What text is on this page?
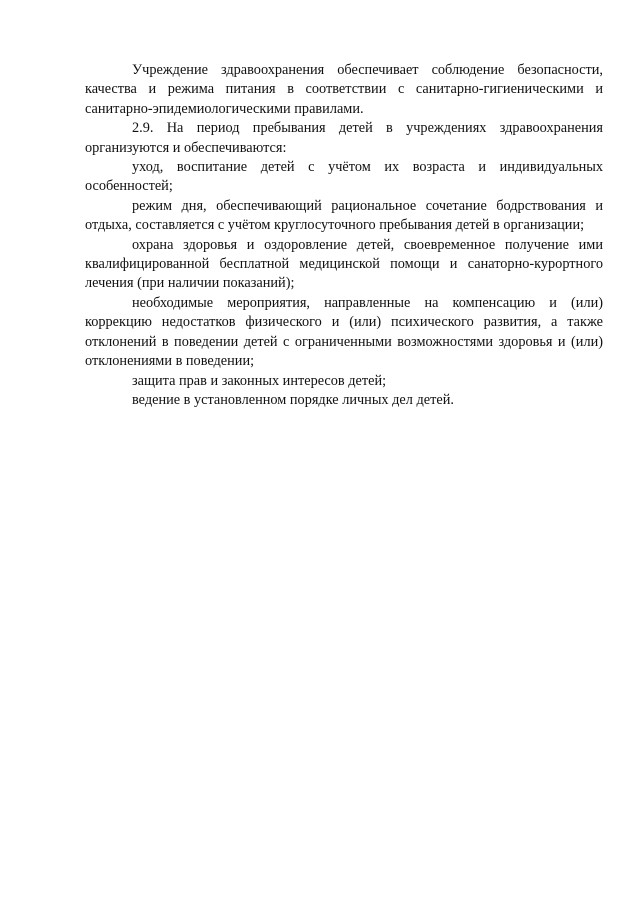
Учреждение здравоохранения обеспечивает соблюдение безопасности, качества и режима питания в соответствии с санитарно-гигиеническими и санитарно-эпидемиологическими правилами.

2.9. На период пребывания детей в учреждениях здравоохранения организуются и обеспечиваются:

уход, воспитание детей с учётом их возраста и индивидуальных особенностей;

режим дня, обеспечивающий рациональное сочетание бодрствования и отдыха, составляется с учётом круглосуточного пребывания детей в организации;

охрана здоровья и оздоровление детей, своевременное получение ими квалифицированной бесплатной медицинской помощи и санаторно-курортного лечения (при наличии показаний);

необходимые мероприятия, направленные на компенсацию и (или) коррекцию недостатков физического и (или) психического развития, а также отклонений в поведении детей с ограниченными возможностями здоровья и (или) отклонениями в поведении;

защита прав и законных интересов детей;

ведение в установленном порядке личных дел детей.
